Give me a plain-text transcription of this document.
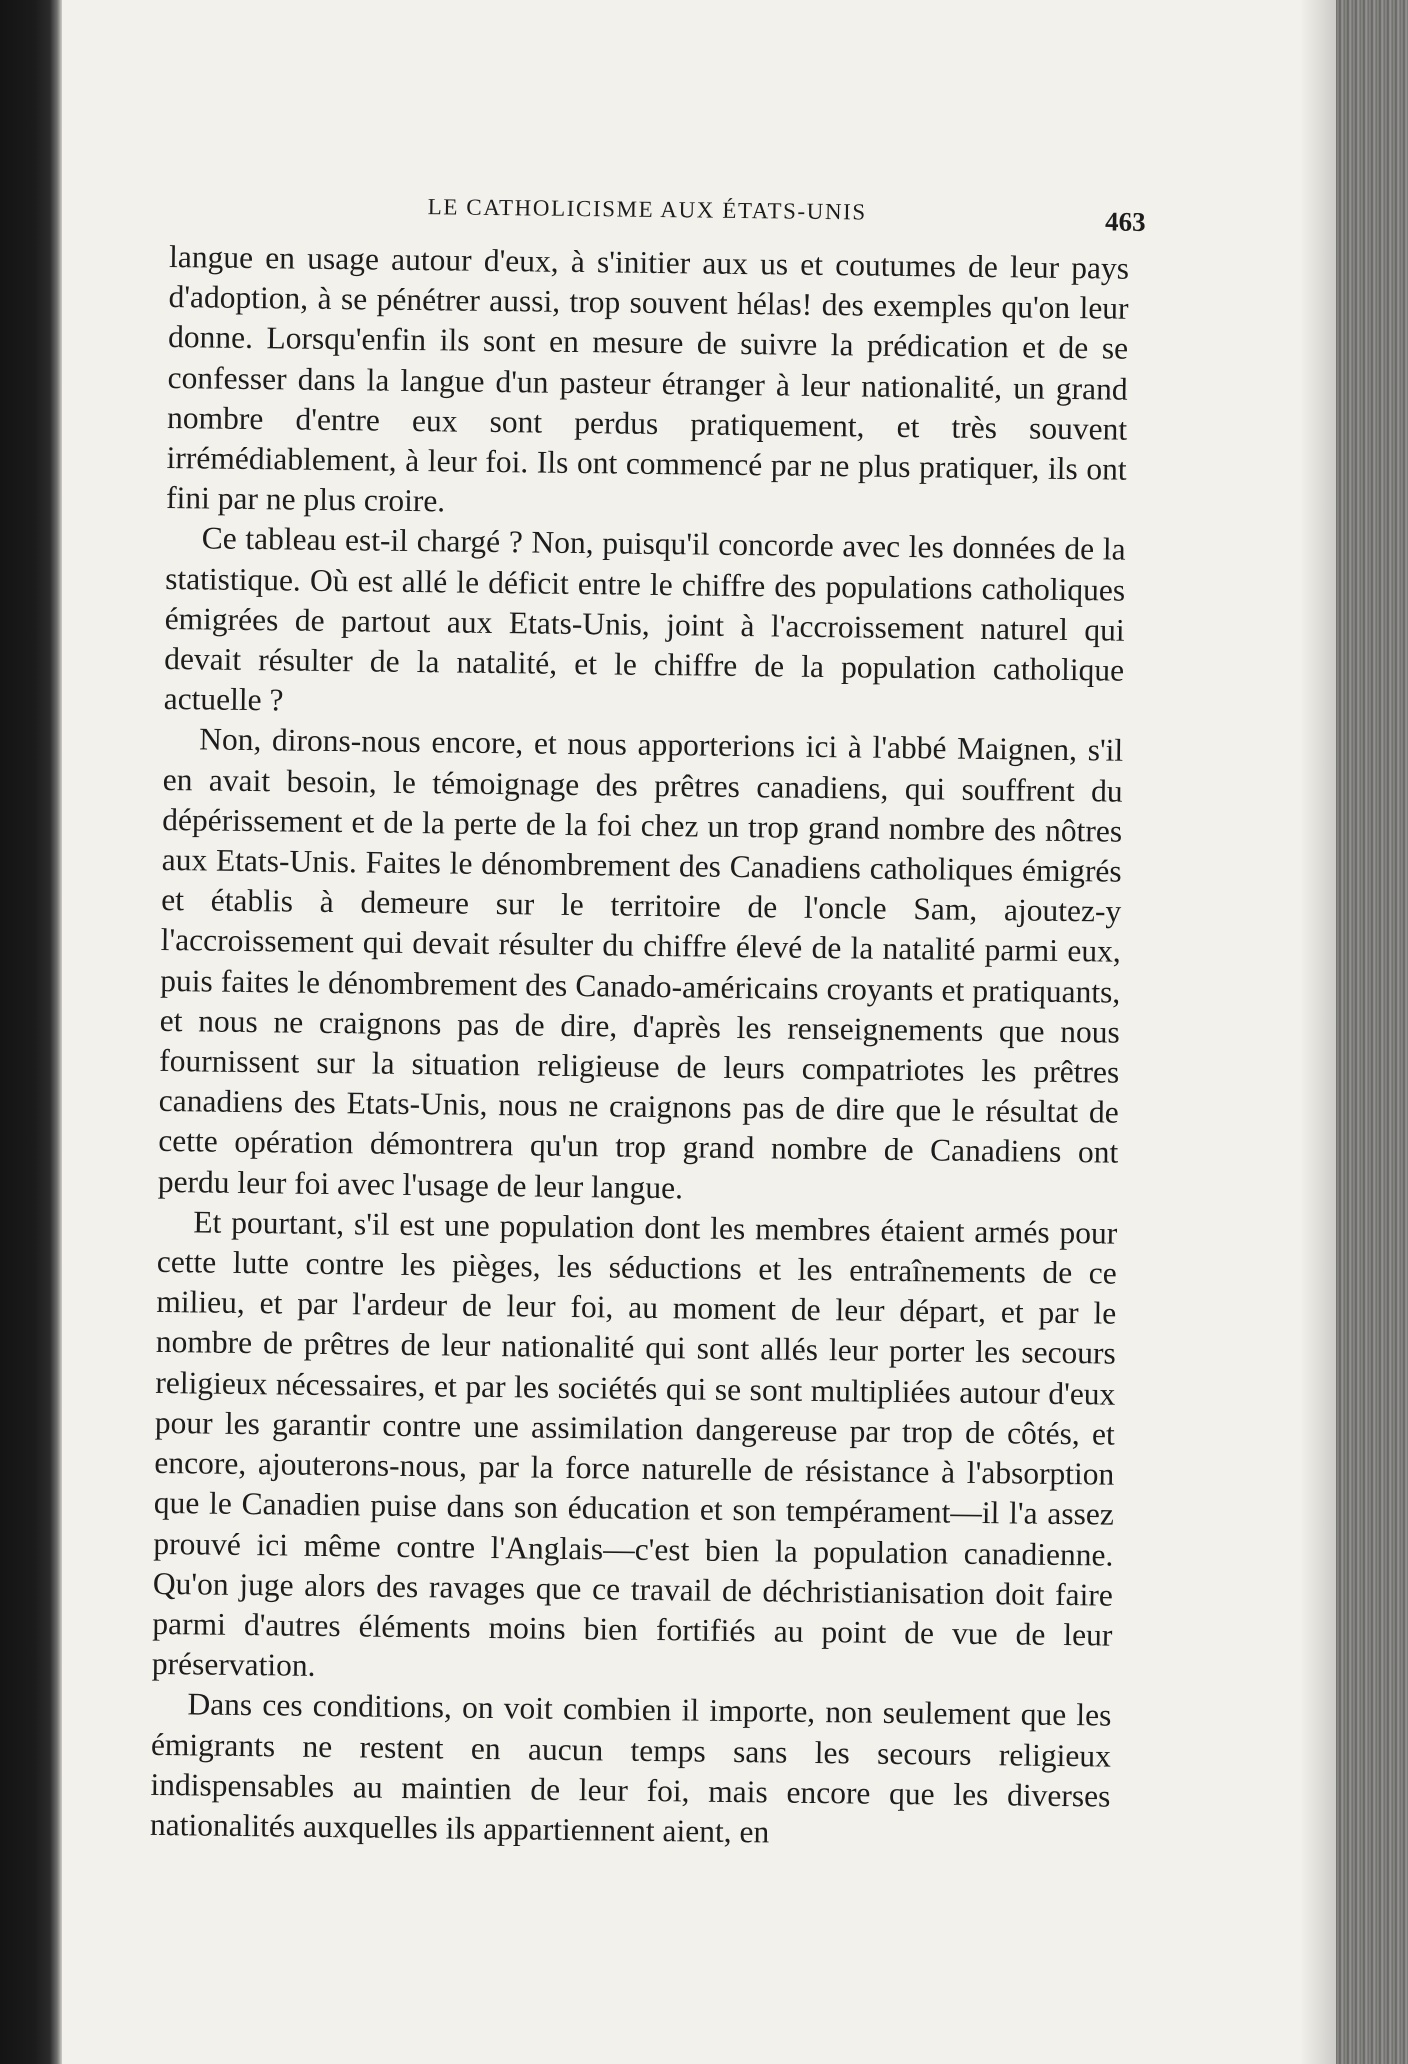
LE CATHOLICISME AUX ÉTATS-UNIS	463

langue en usage autour d'eux, à s'initier aux us et coutumes de leur pays d'adoption, à se pénétrer aussi, trop souvent hélas! des exemples qu'on leur donne. Lorsqu'enfin ils sont en mesure de suivre la prédication et de se confesser dans la langue d'un pasteur étranger à leur nationalité, un grand nombre d'entre eux sont perdus pratiquement, et très souvent irrémédiablement, à leur foi. Ils ont commencé par ne plus pratiquer, ils ont fini par ne plus croire.

Ce tableau est-il chargé ? Non, puisqu'il concorde avec les données de la statistique. Où est allé le déficit entre le chiffre des populations catholiques émigrées de partout aux Etats-Unis, joint à l'accroissement naturel qui devait résulter de la natalité, et le chiffre de la population catholique actuelle ?

Non, dirons-nous encore, et nous apporterions ici à l'abbé Maignen, s'il en avait besoin, le témoignage des prêtres canadiens, qui souffrent du dépérissement et de la perte de la foi chez un trop grand nombre des nôtres aux Etats-Unis. Faites le dénombrement des Canadiens catholiques émigrés et établis à demeure sur le territoire de l'oncle Sam, ajoutez-y l'accroissement qui devait résulter du chiffre élevé de la natalité parmi eux, puis faites le dénombrement des Canado-américains croyants et pratiquants, et nous ne craignons pas de dire, d'après les renseignements que nous fournissent sur la situation religieuse de leurs compatriotes les prêtres canadiens des Etats-Unis, nous ne craignons pas de dire que le résultat de cette opération démontrera qu'un trop grand nombre de Canadiens ont perdu leur foi avec l'usage de leur langue.

Et pourtant, s'il est une population dont les membres étaient armés pour cette lutte contre les pièges, les séductions et les entraînements de ce milieu, et par l'ardeur de leur foi, au moment de leur départ, et par le nombre de prêtres de leur nationalité qui sont allés leur porter les secours religieux nécessaires, et par les sociétés qui se sont multipliées autour d'eux pour les garantir contre une assimilation dangereuse par trop de côtés, et encore, ajouterons-nous, par la force naturelle de résistance à l'absorption que le Canadien puise dans son éducation et son tempérament—il l'a assez prouvé ici même contre l'Anglais—c'est bien la population canadienne. Qu'on juge alors des ravages que ce travail de déchristianisation doit faire parmi d'autres éléments moins bien fortifiés au point de vue de leur préservation.

Dans ces conditions, on voit combien il importe, non seulement que les émigrants ne restent en aucun temps sans les secours religieux indispensables au maintien de leur foi, mais encore que les diverses nationalités auxquelles ils appartiennent aient, en
